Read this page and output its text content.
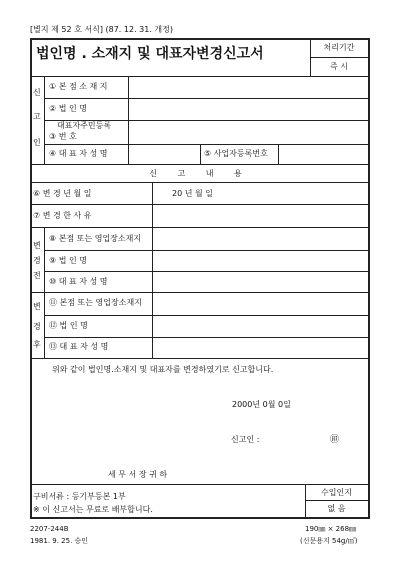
[별지 제 52 호 서식] (87. 12. 31. 개정)
법인명 . 소재지 및 대표자변경신고서	처리기간
즉 시
신
고
인
① 본 점 소 재 지
② 법 인 명
대표자주민등록
③ 번 호
④ 대 표 자 성 명	⑤ 사업자등록번호
신 고 내 용
⑥ 변 경 년 월 일	20 년 월 일
⑦ 변 경 한 사 유
변
경
전
⑧ 본점 또는 영업장소재지
⑨ 법 인 명
⑩ 대 표 자 성 명
변
경
후
⑪ 본점 또는 영업장소재지
⑫ 법 인 명
⑬ 대 표 자 성 명
위와 같이 법인명.소재지 및 대표자를 변경하였기로 신고합니다.
2000년 0월 0일
신고인 :	㊞
세 무 서 장 귀 하
구비서류 : 등기부등본 1부
※ 이 신고서는 무료로 배부합니다.
수입인지
없 음
2207-244B
1981. 9. 25. 승인
190㎜ × 268㎜
(신문용지 54g/㎡)
